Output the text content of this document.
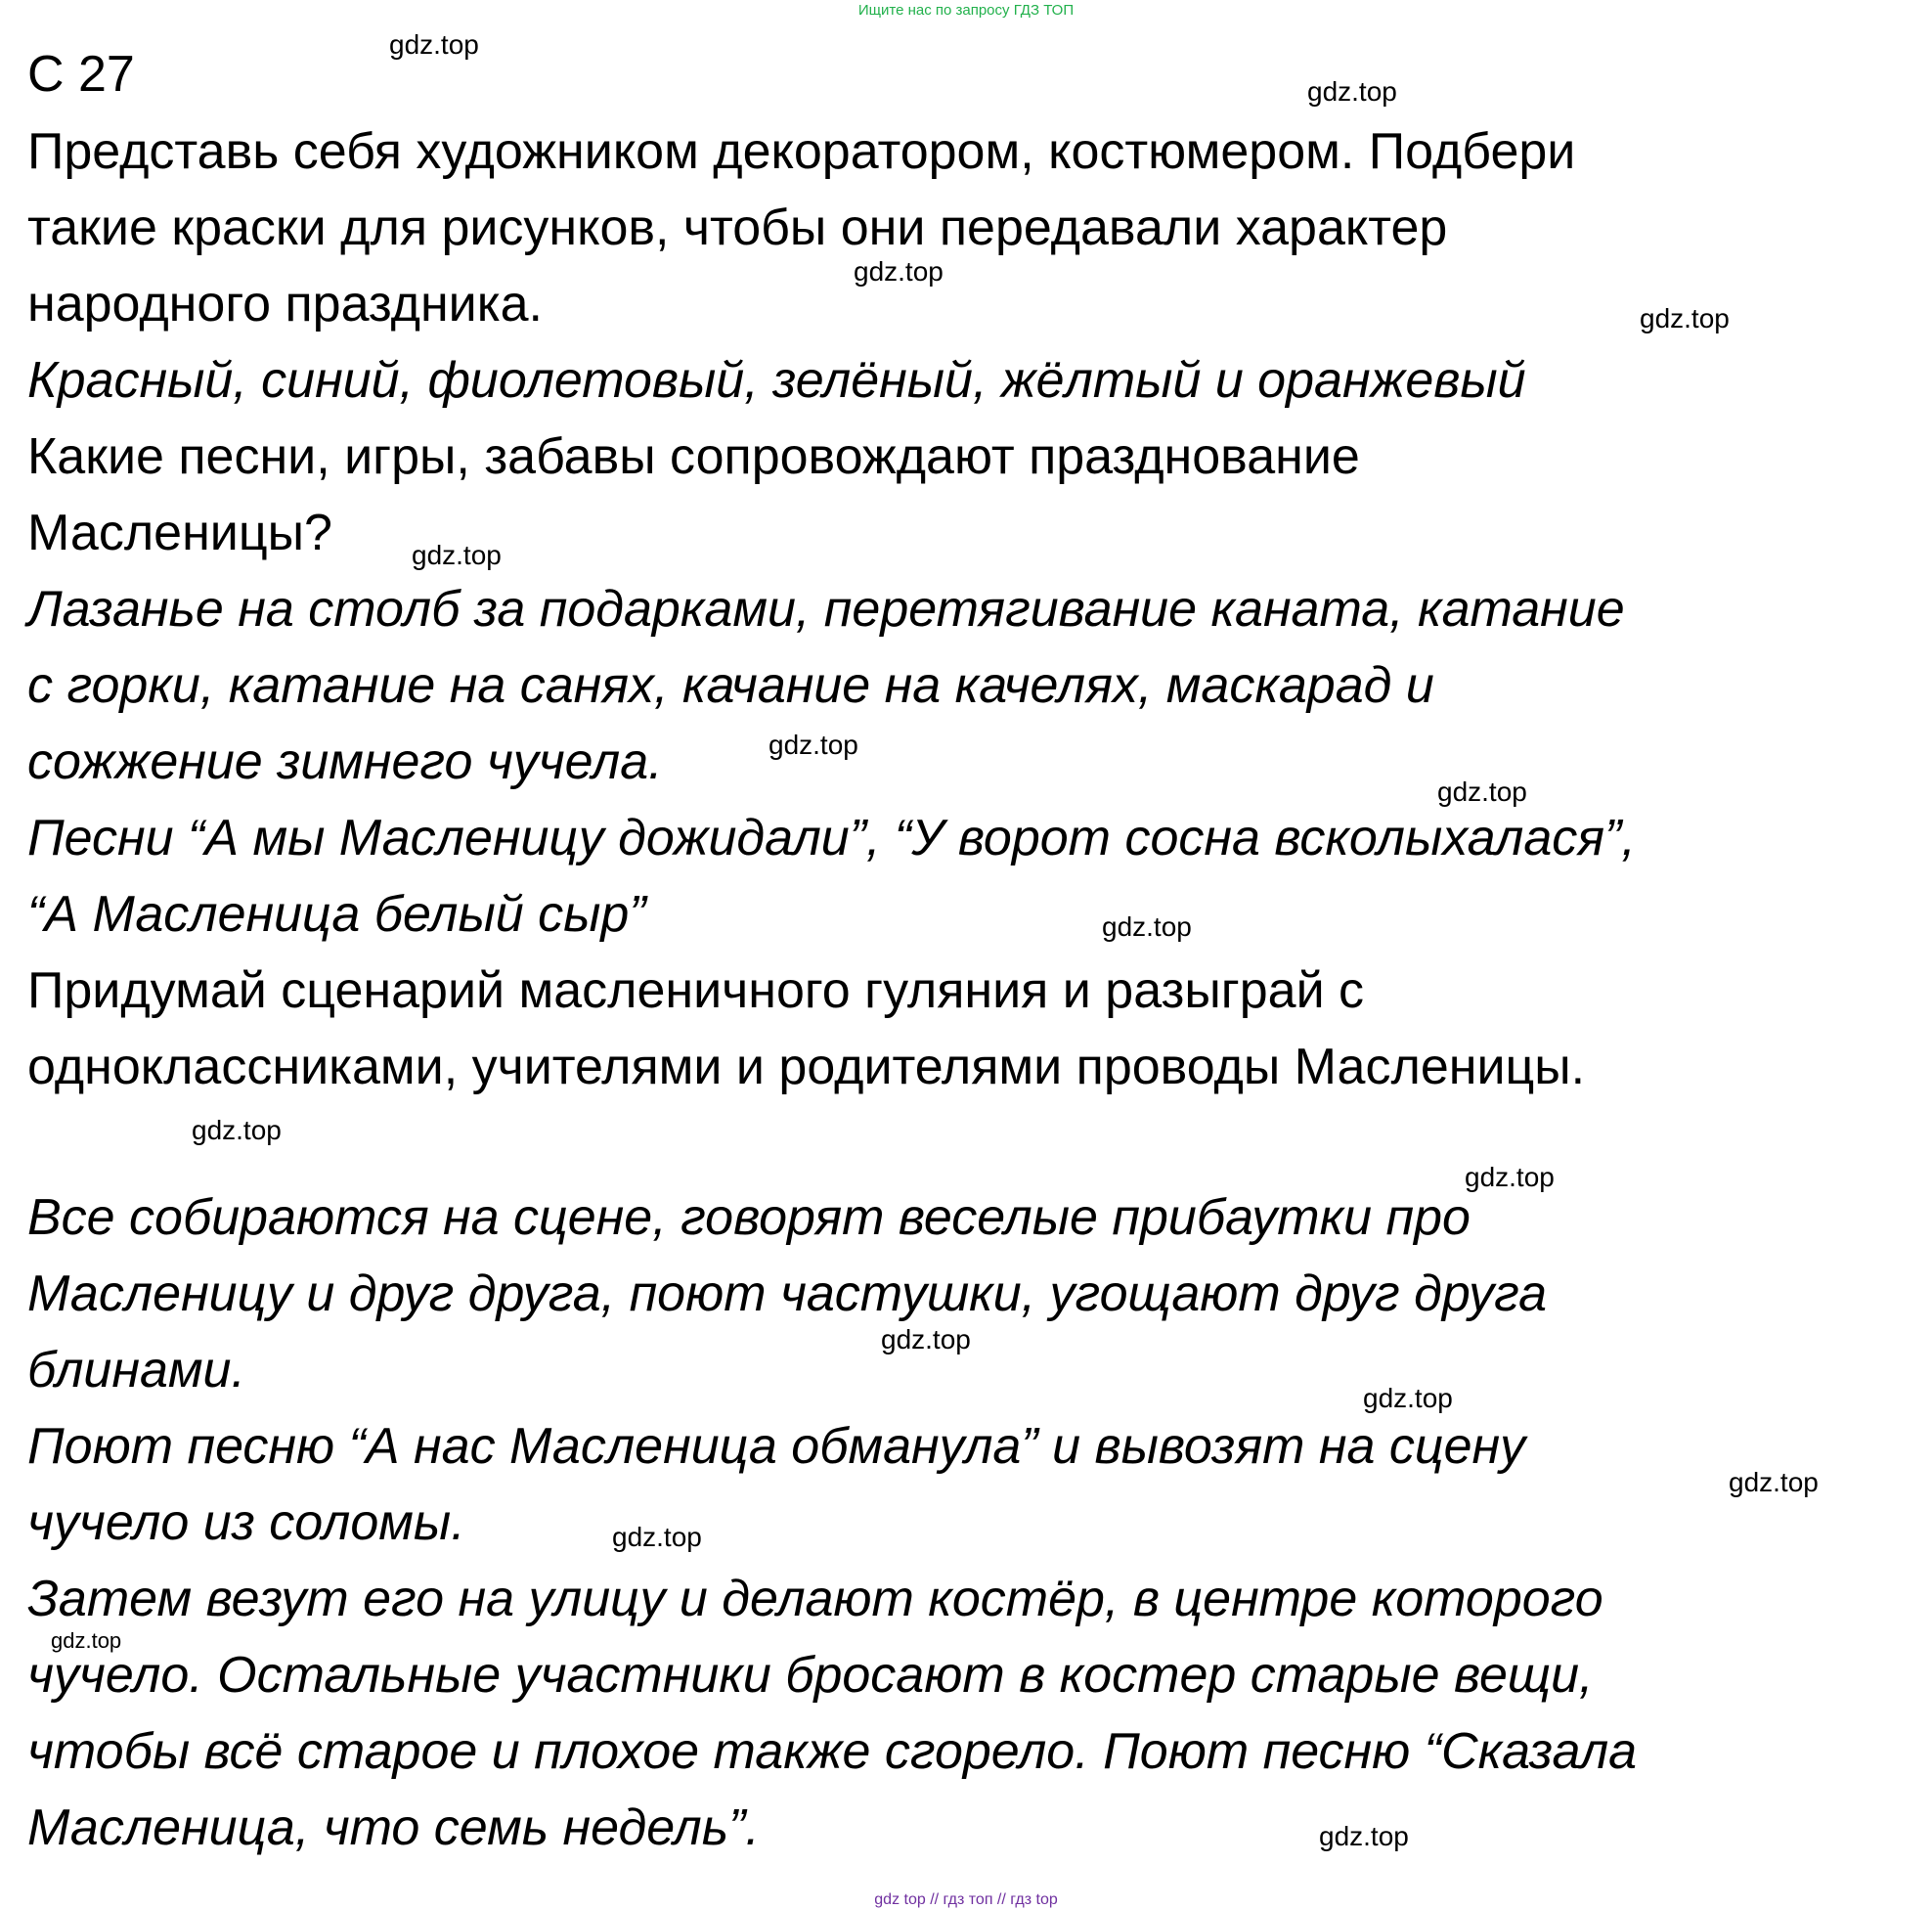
Ищите нас по запросу ГДЗ ТОП
С 27
Представь себя художником декоратором, костюмером. Подбери
такие краски для рисунков, чтобы они передавали характер
народного праздника.
Красный, синий, фиолетовый, зелёный, жёлтый и оранжевый
Какие песни, игры, забавы сопровождают празднование
Масленицы?
Лазанье на столб за подарками, перетягивание каната, катание
с горки, катание на санях, качание на качелях, маскарад и
сожжение зимнего чучела.
Песни “А мы Масленицу дожидали”, “У ворот сосна всколыхалася”,
“А Масленица белый сыр”
Придумай сценарий масленичного гуляния и разыграй с
одноклассниками, учителями и родителями проводы Масленицы.
Все собираются на сцене, говорят веселые прибаутки про
Масленицу и друг друга, поют частушки, угощают друг друга
блинами.
Поют песню “А нас Масленица обманула” и вывозят на сцену
чучело из соломы.
Затем везут его на улицу и делают костёр, в центре которого
чучело. Остальные участники бросают в костер старые вещи,
чтобы всё старое и плохое также сгорело. Поют песню “Сказала
Масленица, что семь недель”.
gdz.top
gdz.top
gdz.top
gdz.top
gdz.top
gdz.top
gdz.top
gdz.top
gdz.top
gdz.top
gdz.top
gdz.top
gdz.top
gdz.top
gdz.top
gdz.top
gdz top // гдз топ // гдз top
